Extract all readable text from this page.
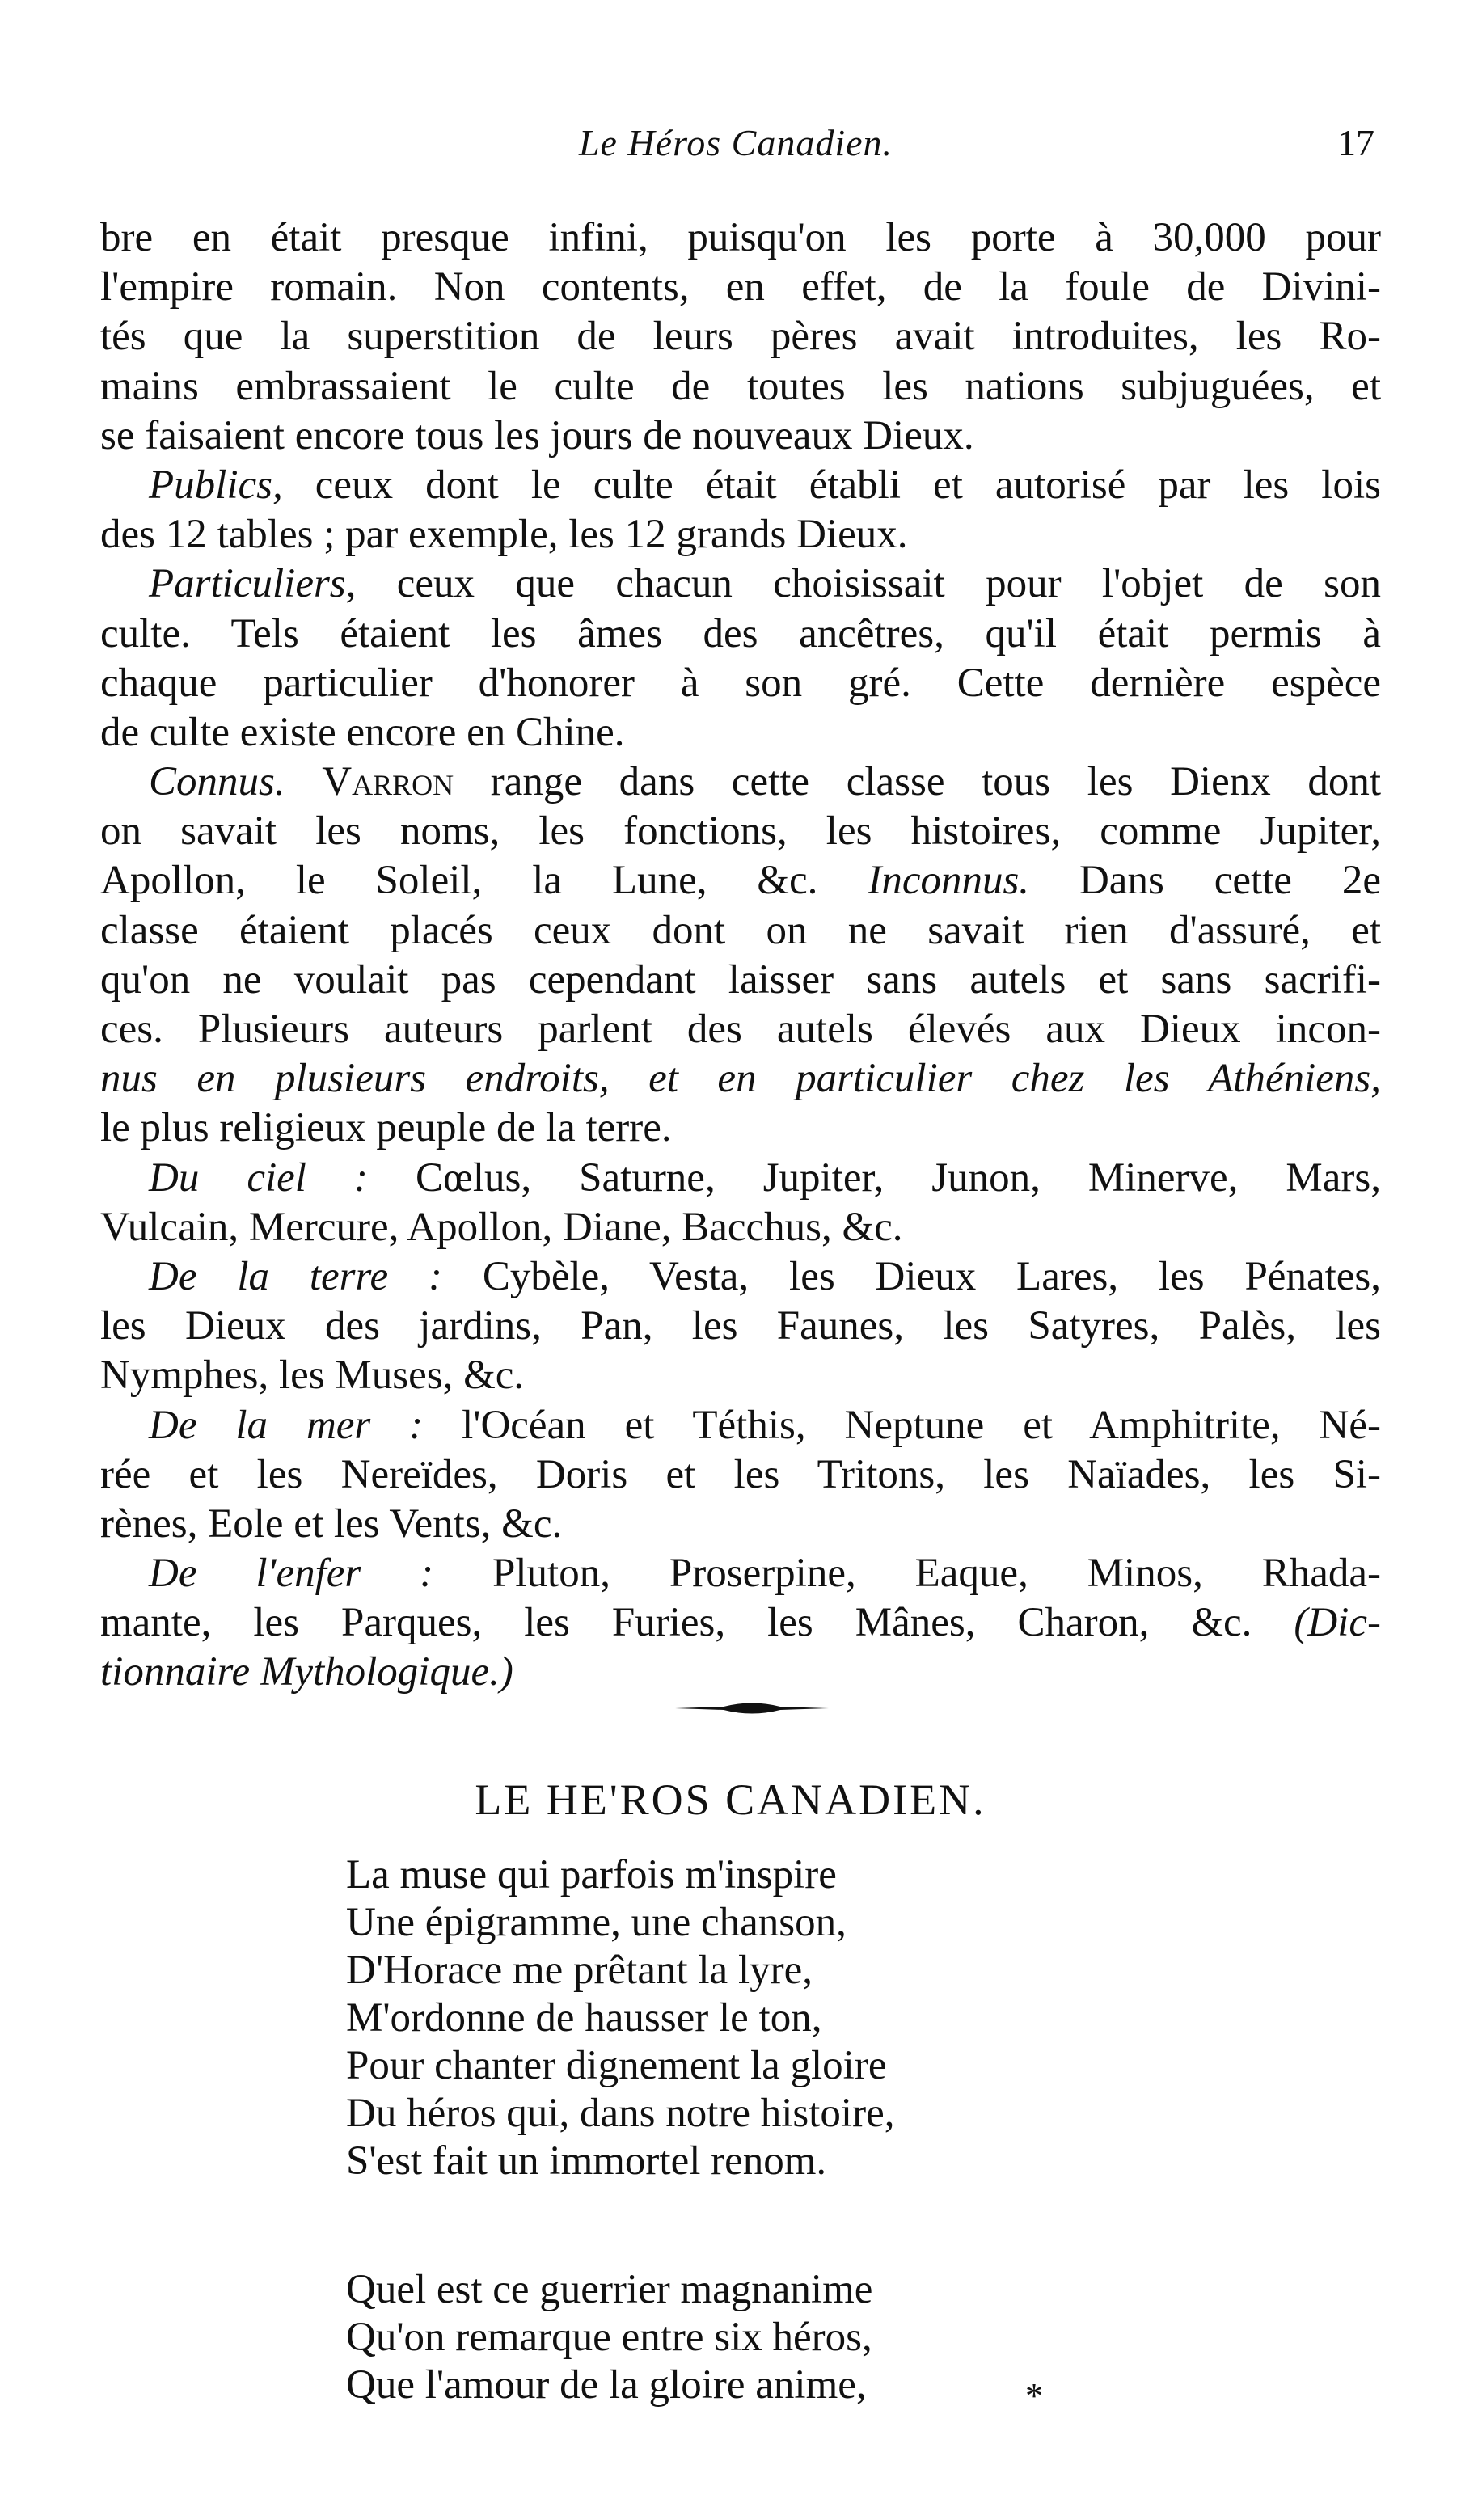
Le Héros Canadien.	17
bre en était presque infini, puisqu'on les porte à 30,000 pour
l'empire romain. Non contents, en effet, de la foule de Divini-
tés que la superstition de leurs pères avait introduites, les Ro-
mains embrassaient le culte de toutes les nations subjuguées, et
se faisaient encore tous les jours de nouveaux Dieux.
Publics, ceux dont le culte était établi et autorisé par les lois
des 12 tables ; par exemple, les 12 grands Dieux.
Particuliers, ceux que chacun choisissait pour l'objet de son
culte. Tels étaient les âmes des ancêtres, qu'il était permis à
chaque particulier d'honorer à son gré. Cette dernière espèce
de culte existe encore en Chine.
Connus. Varron range dans cette classe tous les Dienx dont
on savait les noms, les fonctions, les histoires, comme Jupiter,
Apollon, le Soleil, la Lune, &c. Inconnus. Dans cette 2e
classe étaient placés ceux dont on ne savait rien d'assuré, et
qu'on ne voulait pas cependant laisser sans autels et sans sacrifi-
ces. Plusieurs auteurs parlent des autels élevés aux Dieux incon-
nus en plusieurs endroits, et en particulier chez les Athéniens,
le plus religieux peuple de la terre.
Du ciel : Cœlus, Saturne, Jupiter, Junon, Minerve, Mars,
Vulcain, Mercure, Apollon, Diane, Bacchus, &c.
De la terre : Cybèle, Vesta, les Dieux Lares, les Pénates,
les Dieux des jardins, Pan, les Faunes, les Satyres, Palès, les
Nymphes, les Muses, &c.
De la mer : l'Océan et Téthis, Neptune et Amphitrite, Né-
rée et les Nereïdes, Doris et les Tritons, les Naïades, les Si-
rènes, Eole et les Vents, &c.
De l'enfer : Pluton, Proserpine, Eaque, Minos, Rhada-
mante, les Parques, les Furies, les Mânes, Charon, &c. (Dic-
tionnaire Mythologique.)
LE HE'ROS CANADIEN.
La muse qui parfois m'inspire
Une épigramme, une chanson,
D'Horace me prêtant la lyre,
M'ordonne de hausser le ton,
Pour chanter dignement la gloire
Du héros qui, dans notre histoire,
S'est fait un immortel renom.
Quel est ce guerrier magnanime
Qu'on remarque entre six héros,
Que l'amour de la gloire anime,	*
